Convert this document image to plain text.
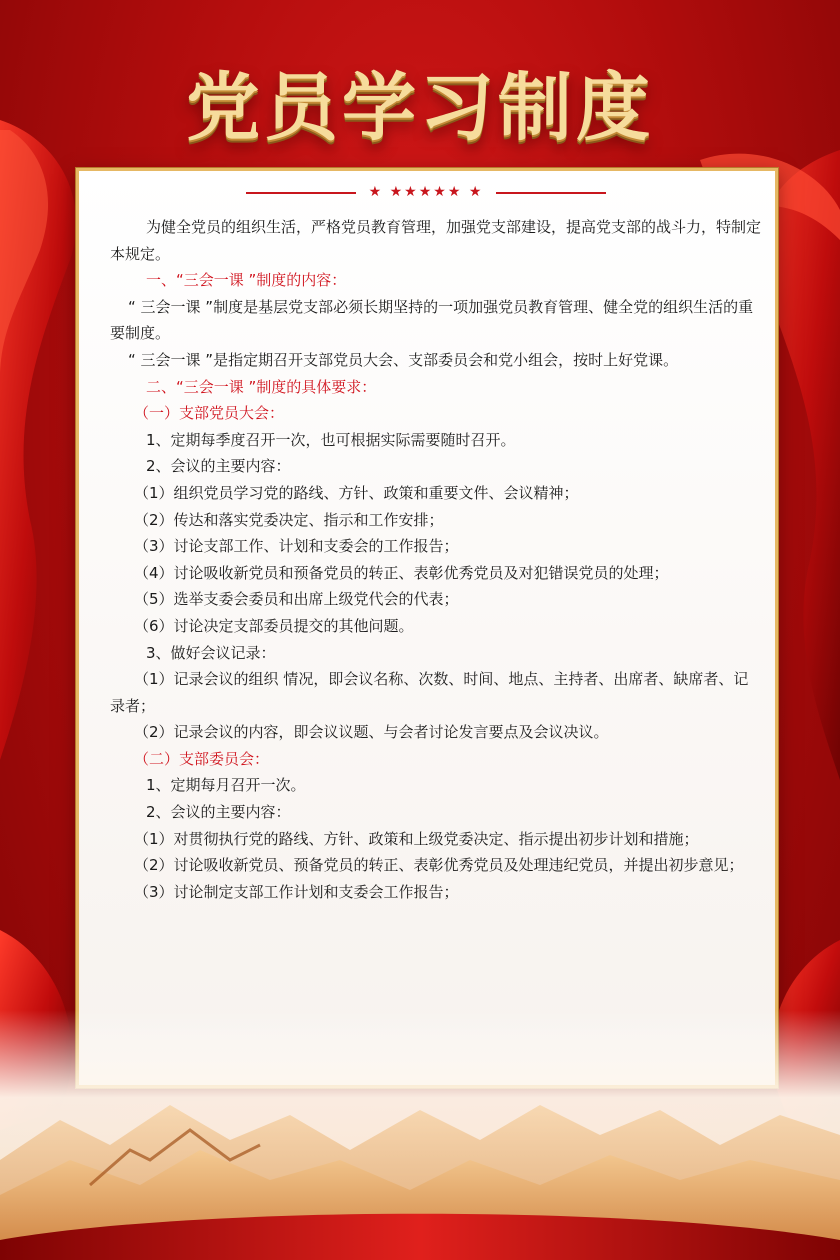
党员学习制度
★ ★★★★★ ★

为健全党员的组织生活，严格党员教育管理，加强党支部建设，提高党支部的战斗力，特制定本规定。

一、“三会一课 ”制度的内容：

“ 三会一课 ”制度是基层党支部必须长期坚持的一项加强党员教育管理、健全党的组织生活的重要制度。

“ 三会一课 ”是指定期召开支部党员大会、支部委员会和党小组会，按时上好党课。

二、“三会一课 ”制度的具体要求：

（一）支部党员大会：

1、定期每季度召开一次，也可根据实际需要随时召开。

2、会议的主要内容：

（1）组织党员学习党的路线、方针、政策和重要文件、会议精神；

（2）传达和落实党委决定、指示和工作安排；

（3）讨论支部工作、计划和支委会的工作报告；

（4）讨论吸收新党员和预备党员的转正、表彰优秀党员及对犯错误党员的处理；

（5）选举支委会委员和出席上级党代会的代表；

（6）讨论决定支部委员提交的其他问题。

3、做好会议记录：

（1）记录会议的组织 情况，即会议名称、次数、时间、地点、主持者、出席者、缺席者、记录者；

（2）记录会议的内容，即会议议题、与会者讨论发言要点及会议决议。

（二）支部委员会：

1、定期每月召开一次。

2、会议的主要内容：

（1）对贯彻执行党的路线、方针、政策和上级党委决定、指示提出初步计划和措施；

（2）讨论吸收新党员、预备党员的转正、表彰优秀党员及处理违纪党员，并提出初步意见；

（3）讨论制定支部工作计划和支委会工作报告；
